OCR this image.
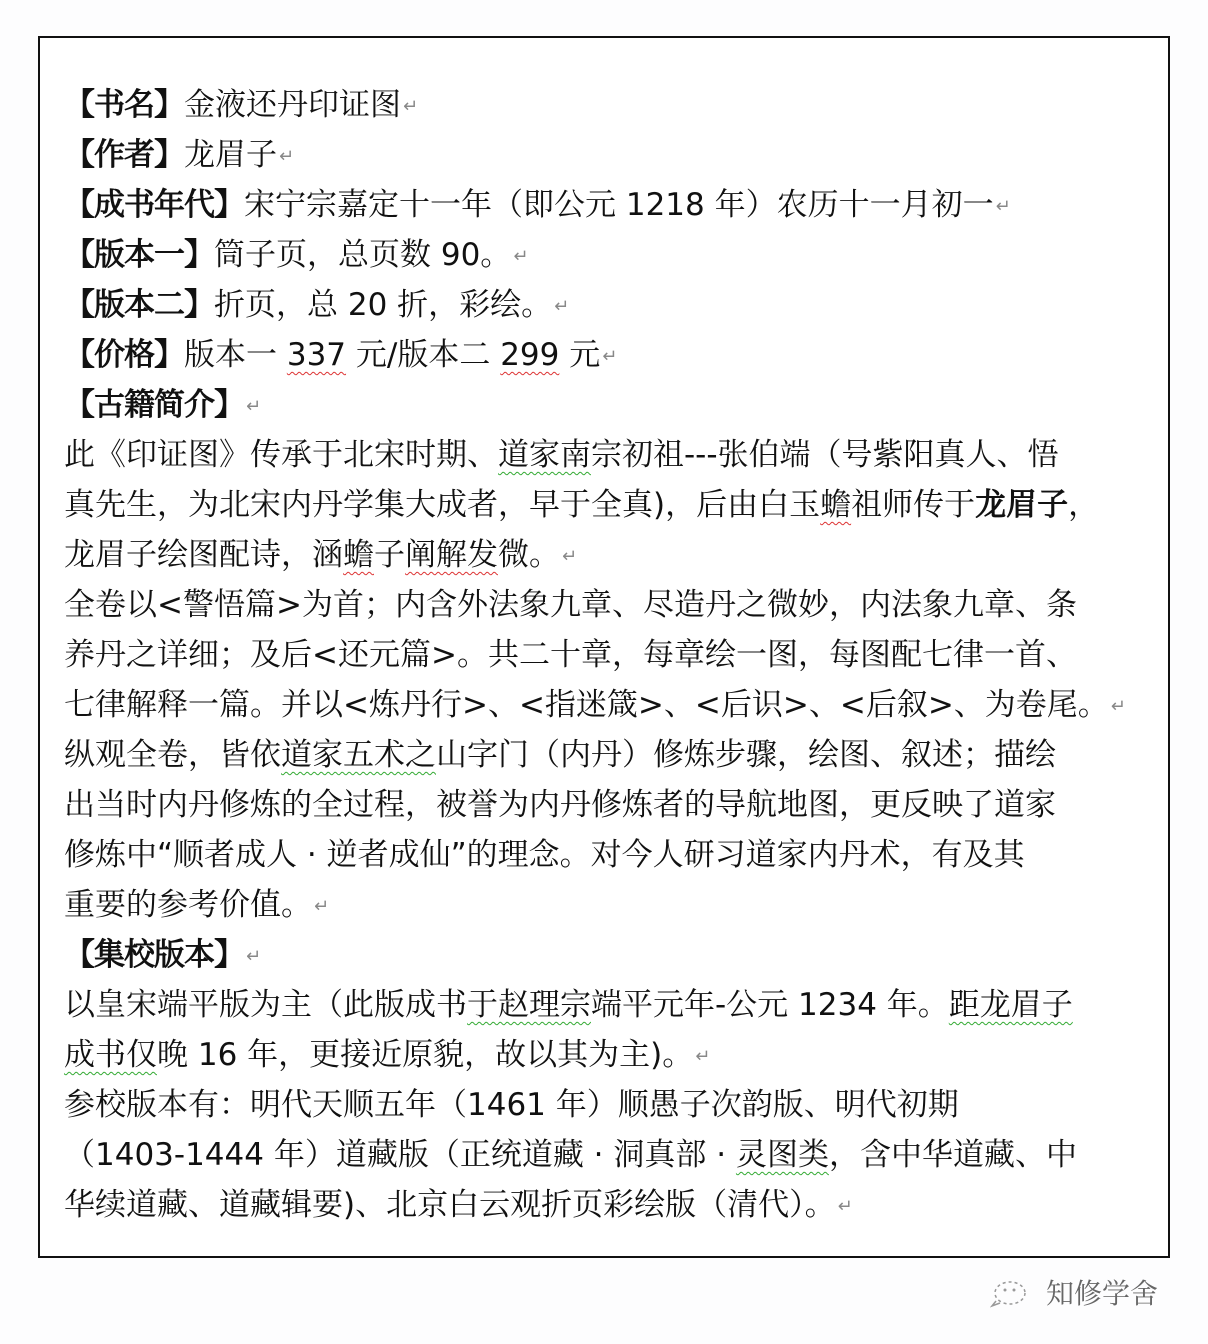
【书名】金液还丹印证图 ↵
【作者】龙眉子 ↵
【成书年代】宋宁宗嘉定十一年（即公元 1218 年）农历十一月初一 ↵
【版本一】筒子页，总页数 90。 ↵
【版本二】折页，总 20 折，彩绘。 ↵
【价格】版本一 337 元/版本二 299 元 ↵
【古籍简介】 ↵
此《印证图》传承于北宋时期、道家南宗初祖---张伯端（号紫阳真人、悟
真先生，为北宋内丹学集大成者，早于全真)，后由白玉蟾祖师传于龙眉子，
龙眉子绘图配诗，涵蟾子阐解发微。 ↵
全卷以<警悟篇>为首；内含外法象九章、尽造丹之微妙，内法象九章、条
养丹之详细；及后<还元篇>。共二十章，每章绘一图，每图配七律一首、
七律解释一篇。并以<炼丹行>、<指迷箴>、<后识>、<后叙>、为卷尾。 ↵
纵观全卷，皆依道家五术之山字门（内丹）修炼步骤，绘图、叙述；描绘
出当时内丹修炼的全过程，被誉为内丹修炼者的导航地图，更反映了道家
修炼中“顺者成人 · 逆者成仙”的理念。对今人研习道家内丹术，有及其
重要的参考价值。 ↵
【集校版本】 ↵
以皇宋端平版为主（此版成书于赵理宗端平元年-公元 1234 年。距龙眉子
成书仅晚 16 年，更接近原貌，故以其为主)。 ↵
参校版本有：明代天顺五年（1461 年）顺愚子次韵版、明代初期
（1403-1444 年）道藏版（正统道藏 · 洞真部 · 灵图类，含中华道藏、中
华续道藏、道藏辑要)、北京白云观折页彩绘版（清代）。 ↵
知修学舍
